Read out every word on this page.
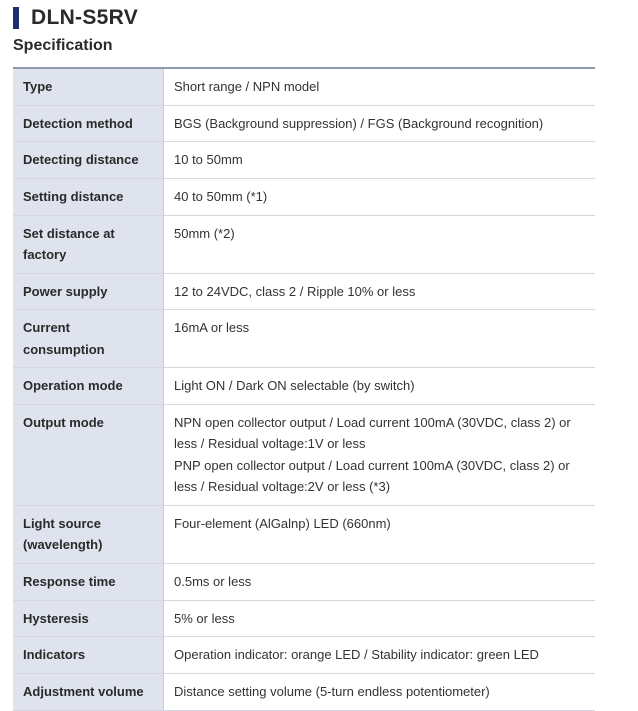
DLN-S5RV
Specification
Type	Short range / NPN model

Detection method	BGS (Background suppression) / FGS (Background recognition)

Detecting distance	10 to 50mm

Setting distance	40 to 50mm (*1)

Set distance at factory	50mm (*2)

Power supply	12 to 24VDC, class 2 / Ripple 10% or less

Current consumption	16mA or less

Operation mode	Light ON / Dark ON selectable (by switch)

Output mode	NPN open collector output / Load current 100mA (30VDC, class 2) or less / Residual voltage:1V or less
PNP open collector output / Load current 100mA (30VDC, class 2) or less / Residual voltage:2V or less (*3)

Light source (wavelength)	Four-element (AlGalnp) LED (660nm)

Response time	0.5ms or less

Hysteresis	5% or less

Indicators	Operation indicator: orange LED / Stability indicator: green LED

Adjustment volume	Distance setting volume (5-turn endless potentiometer)
